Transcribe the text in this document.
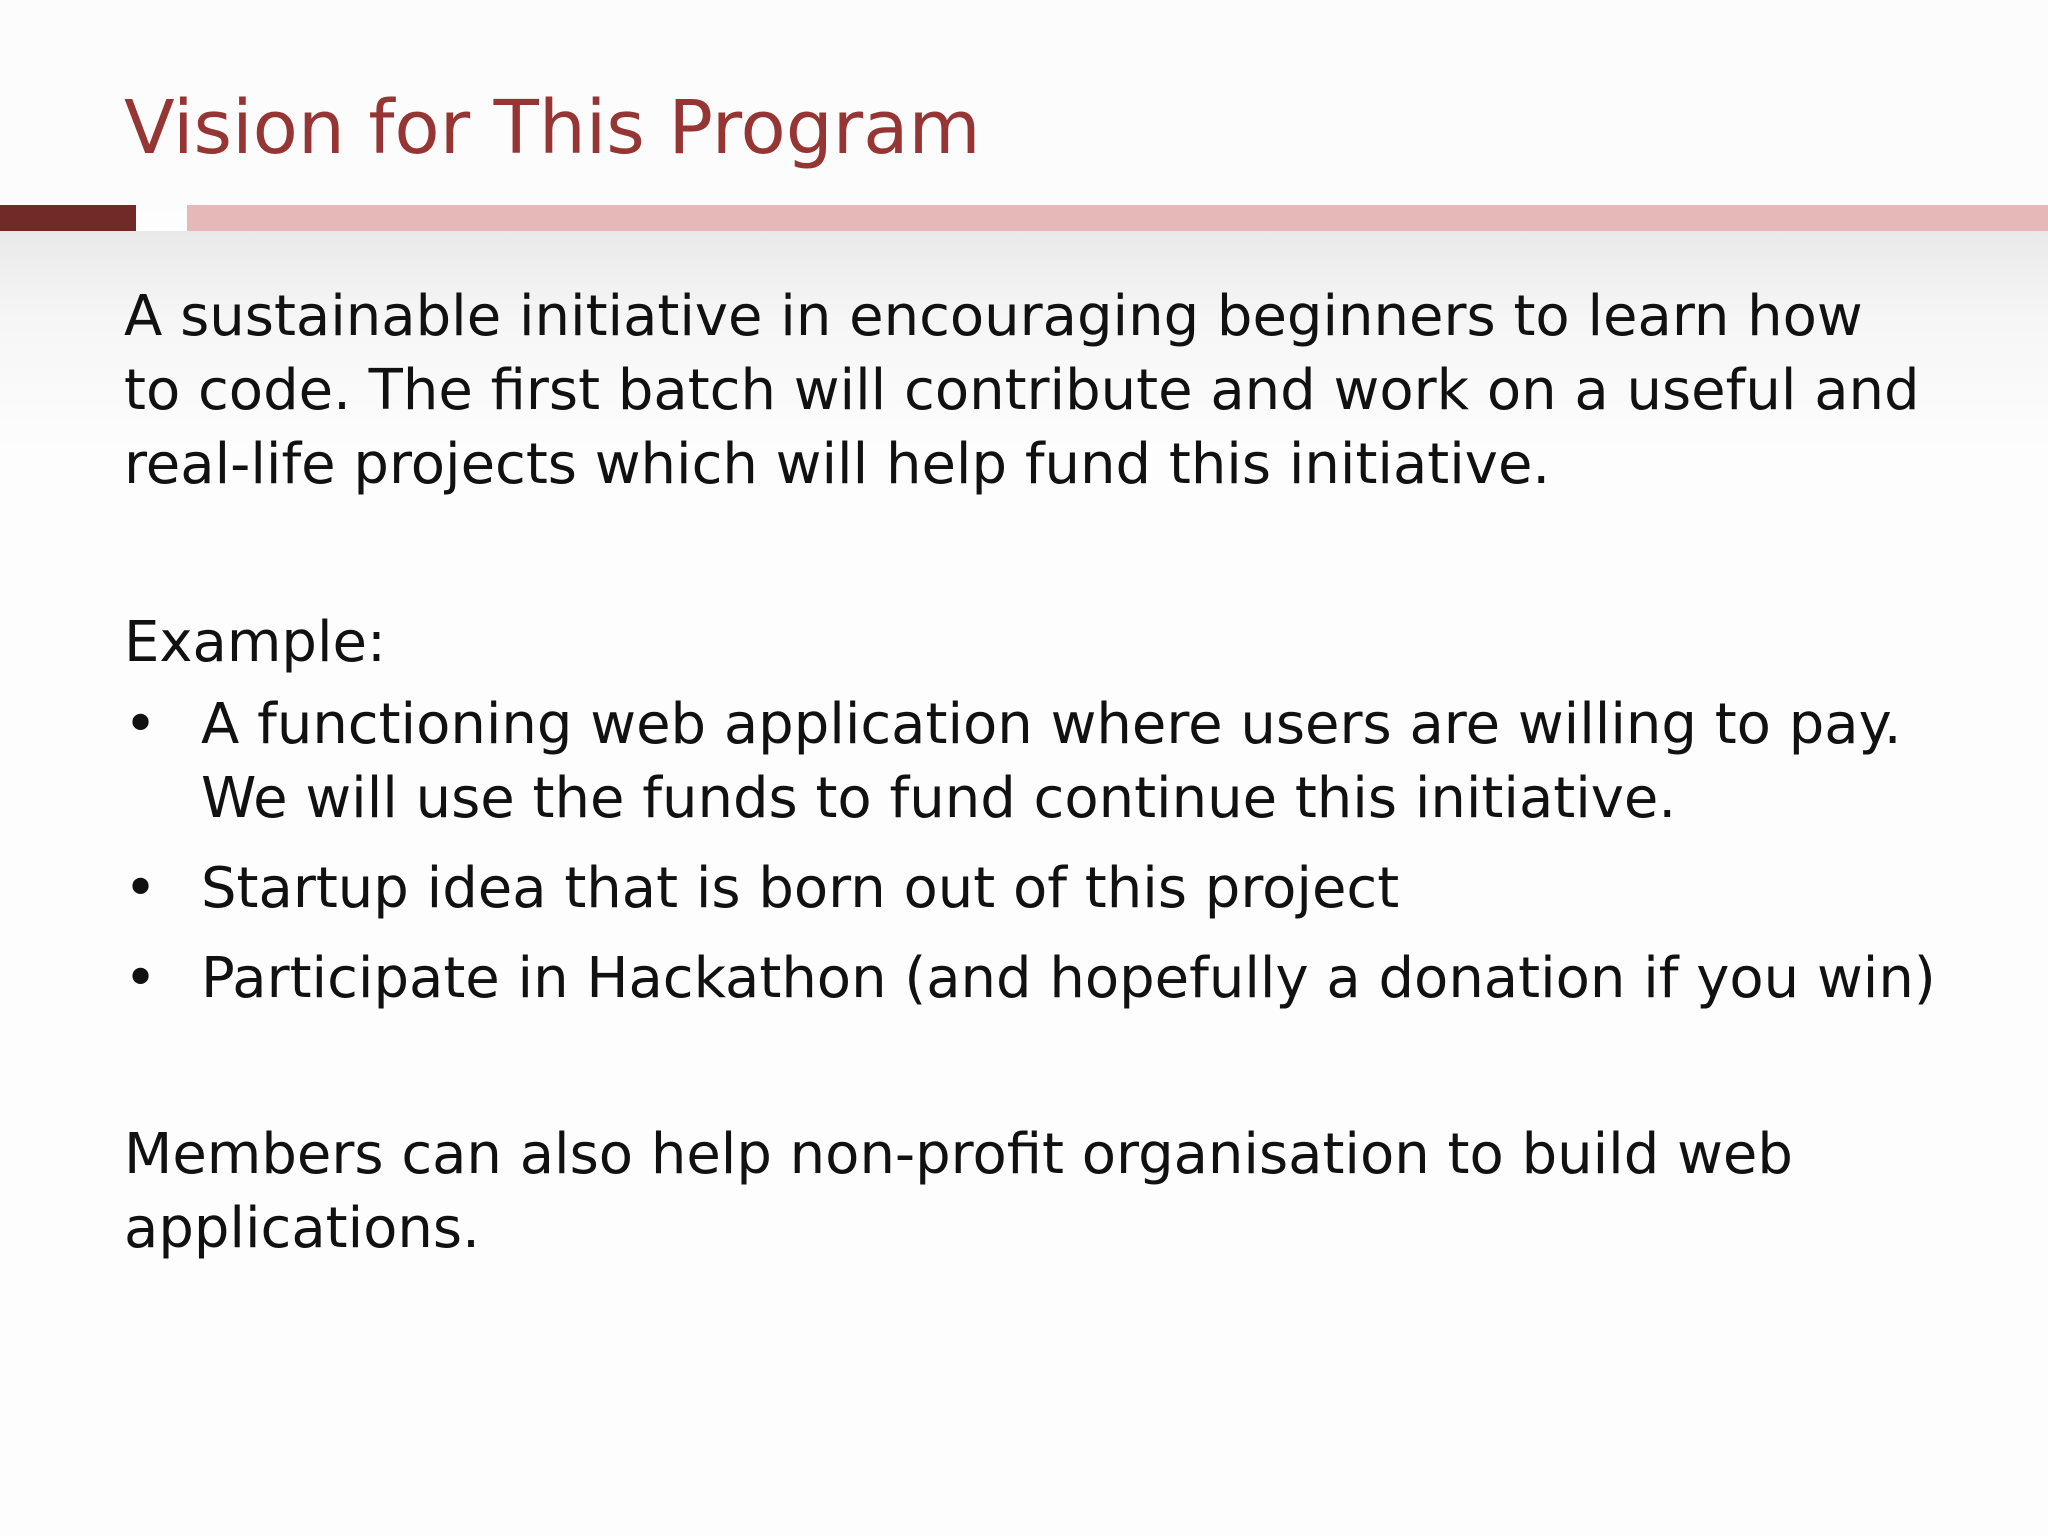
Vision for This Program

A sustainable initiative in encouraging beginners to learn how to code. The first batch will contribute and work on a useful and real-life projects which will help fund this initiative.

Example:

• A functioning web application where users are willing to pay. We will use the funds to fund continue this initiative.
• Startup idea that is born out of this project
• Participate in Hackathon (and hopefully a donation if you win)

Members can also help non-profit organisation to build web applications.
